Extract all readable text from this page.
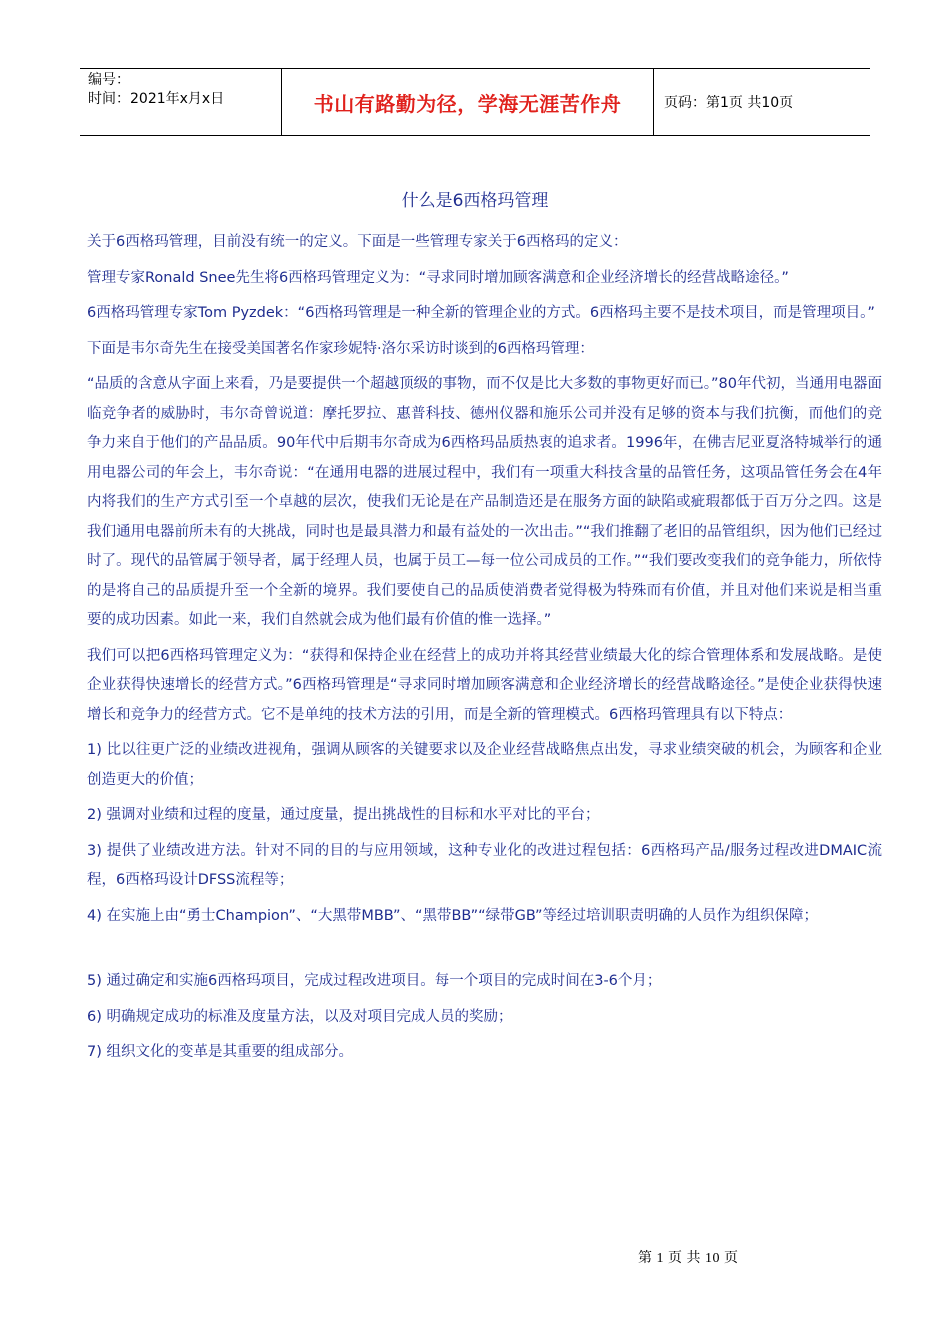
编号：
时间：2021年x月x日	书山有路勤为径，学海无涯苦作舟	页码：第1页 共10页
什么是6西格玛管理

关于6西格玛管理，目前没有统一的定义。下面是一些管理专家关于6西格玛的定义：

管理专家Ronald Snee先生将6西格玛管理定义为：“寻求同时增加顾客满意和企业经济增长的经营战略途径。”

6西格玛管理专家Tom Pyzdek：“6西格玛管理是一种全新的管理企业的方式。6西格玛主要不是技术项目，而是管理项目。”

下面是韦尔奇先生在接受美国著名作家珍妮特·洛尔采访时谈到的6西格玛管理：

“品质的含意从字面上来看，乃是要提供一个超越顶级的事物，而不仅是比大多数的事物更好而已。”80年代初，当通用电器面临竞争者的威胁时，韦尔奇曾说道：摩托罗拉、惠普科技、德州仪器和施乐公司并没有足够的资本与我们抗衡，而他们的竞争力来自于他们的产品品质。90年代中后期韦尔奇成为6西格玛品质热衷的追求者。1996年，在佛吉尼亚夏洛特城举行的通用电器公司的年会上，韦尔奇说：“在通用电器的进展过程中，我们有一项重大科技含量的品管任务，这项品管任务会在4年内将我们的生产方式引至一个卓越的层次，使我们无论是在产品制造还是在服务方面的缺陷或疵瑕都低于百万分之四。这是我们通用电器前所未有的大挑战，同时也是最具潜力和最有益处的一次出击。”“我们推翻了老旧的品管组织，因为他们已经过时了。现代的品管属于领导者，属于经理人员，也属于员工—每一位公司成员的工作。”“我们要改变我们的竞争能力，所依恃的是将自己的品质提升至一个全新的境界。我们要使自己的品质使消费者觉得极为特殊而有价值，并且对他们来说是相当重要的成功因素。如此一来，我们自然就会成为他们最有价值的惟一选择。”

我们可以把6西格玛管理定义为：“获得和保持企业在经营上的成功并将其经营业绩最大化的综合管理体系和发展战略。是使企业获得快速增长的经营方式。”6西格玛管理是“寻求同时增加顾客满意和企业经济增长的经营战略途径。”是使企业获得快速增长和竞争力的经营方式。它不是单纯的技术方法的引用，而是全新的管理模式。6西格玛管理具有以下特点：

1) 比以往更广泛的业绩改进视角，强调从顾客的关键要求以及企业经营战略焦点出发，寻求业绩突破的机会，为顾客和企业创造更大的价值；

2) 强调对业绩和过程的度量，通过度量，提出挑战性的目标和水平对比的平台；

3) 提供了业绩改进方法。针对不同的目的与应用领域，这种专业化的改进过程包括：6西格玛产品/服务过程改进DMAIC流程，6西格玛设计DFSS流程等；

4) 在实施上由“勇士Champion”、“大黑带MBB”、“黑带BB”“绿带GB”等经过培训职责明确的人员作为组织保障；

5) 通过确定和实施6西格玛项目，完成过程改进项目。每一个项目的完成时间在3-6个月；

6) 明确规定成功的标准及度量方法，以及对项目完成人员的奖励；

7) 组织文化的变革是其重要的组成部分。

第 1 页 共 10 页
